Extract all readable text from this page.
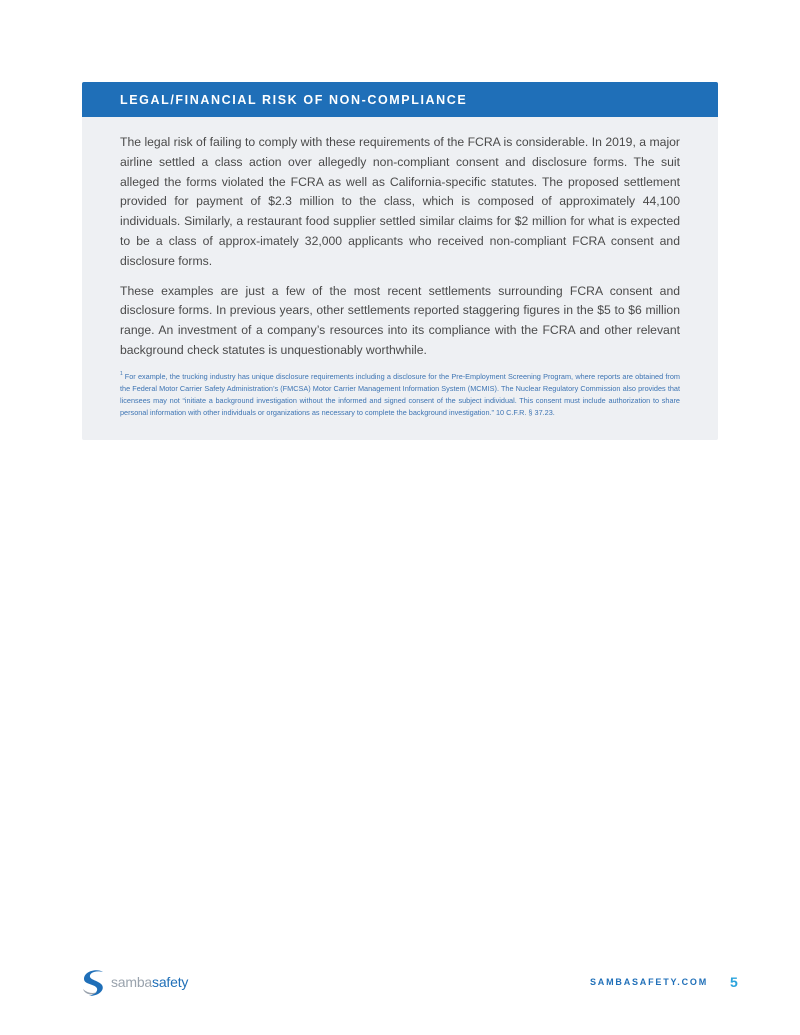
LEGAL/FINANCIAL RISK OF NON-COMPLIANCE

The legal risk of failing to comply with these requirements of the FCRA is considerable. In 2019, a major airline settled a class action over allegedly non-compliant consent and disclosure forms. The suit alleged the forms violated the FCRA as well as California-specific statutes. The proposed settlement provided for payment of $2.3 million to the class, which is composed of approximately 44,100 individuals. Similarly, a restaurant food supplier settled similar claims for $2 million for what is expected to be a class of approx-imately 32,000 applicants who received non-compliant FCRA consent and disclosure forms.

These examples are just a few of the most recent settlements surrounding FCRA consent and disclosure forms. In previous years, other settlements reported staggering figures in the $5 to $6 million range. An investment of a company’s resources into its compliance with the FCRA and other relevant background check statutes is unquestionably worthwhile.

$^1$ For example, the trucking industry has unique disclosure requirements including a disclosure for the Pre-Employment Screening Program, where reports are obtained from the Federal Motor Carrier Safety Administration’s (FMCSA) Motor Carrier Management Information System (MCMIS). The Nuclear Regulatory Commission also provides that licensees may not “initiate a background investigation without the informed and signed consent of the subject individual. This consent must include authorization to share personal information with other individuals or organizations as necessary to complete the background investigation.” 10 C.F.R. § 37.23.

sambasafety	SAMBASAFETY.COM 5
